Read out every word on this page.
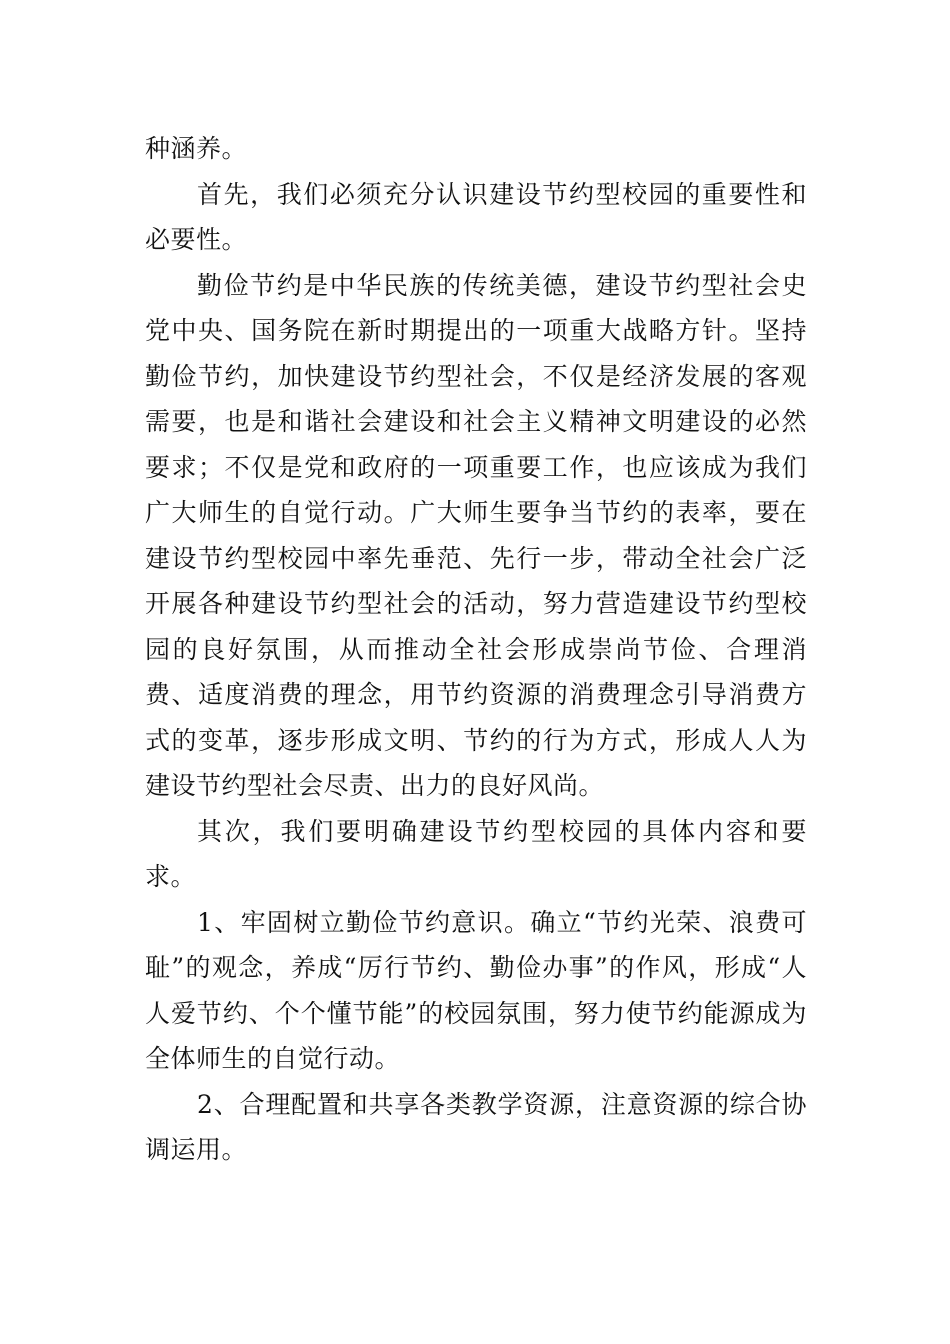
种涵养。

首先，我们必须充分认识建设节约型校园的重要性和必要性。

勤俭节约是中华民族的传统美德，建设节约型社会史党中央、国务院在新时期提出的一项重大战略方针。坚持勤俭节约，加快建设节约型社会，不仅是经济发展的客观需要，也是和谐社会建设和社会主义精神文明建设的必然要求；不仅是党和政府的一项重要工作，也应该成为我们广大师生的自觉行动。广大师生要争当节约的表率，要在建设节约型校园中率先垂范、先行一步，带动全社会广泛开展各种建设节约型社会的活动，努力营造建设节约型校园的良好氛围，从而推动全社会形成崇尚节俭、合理消费、适度消费的理念，用节约资源的消费理念引导消费方式的变革，逐步形成文明、节约的行为方式，形成人人为建设节约型社会尽责、出力的良好风尚。

其次，我们要明确建设节约型校园的具体内容和要求。

1、牢固树立勤俭节约意识。确立“节约光荣、浪费可耻”的观念，养成“厉行节约、勤俭办事”的作风，形成“人人爱节约、个个懂节能”的校园氛围，努力使节约能源成为全体师生的自觉行动。

2、合理配置和共享各类教学资源，注意资源的综合协调运用。
